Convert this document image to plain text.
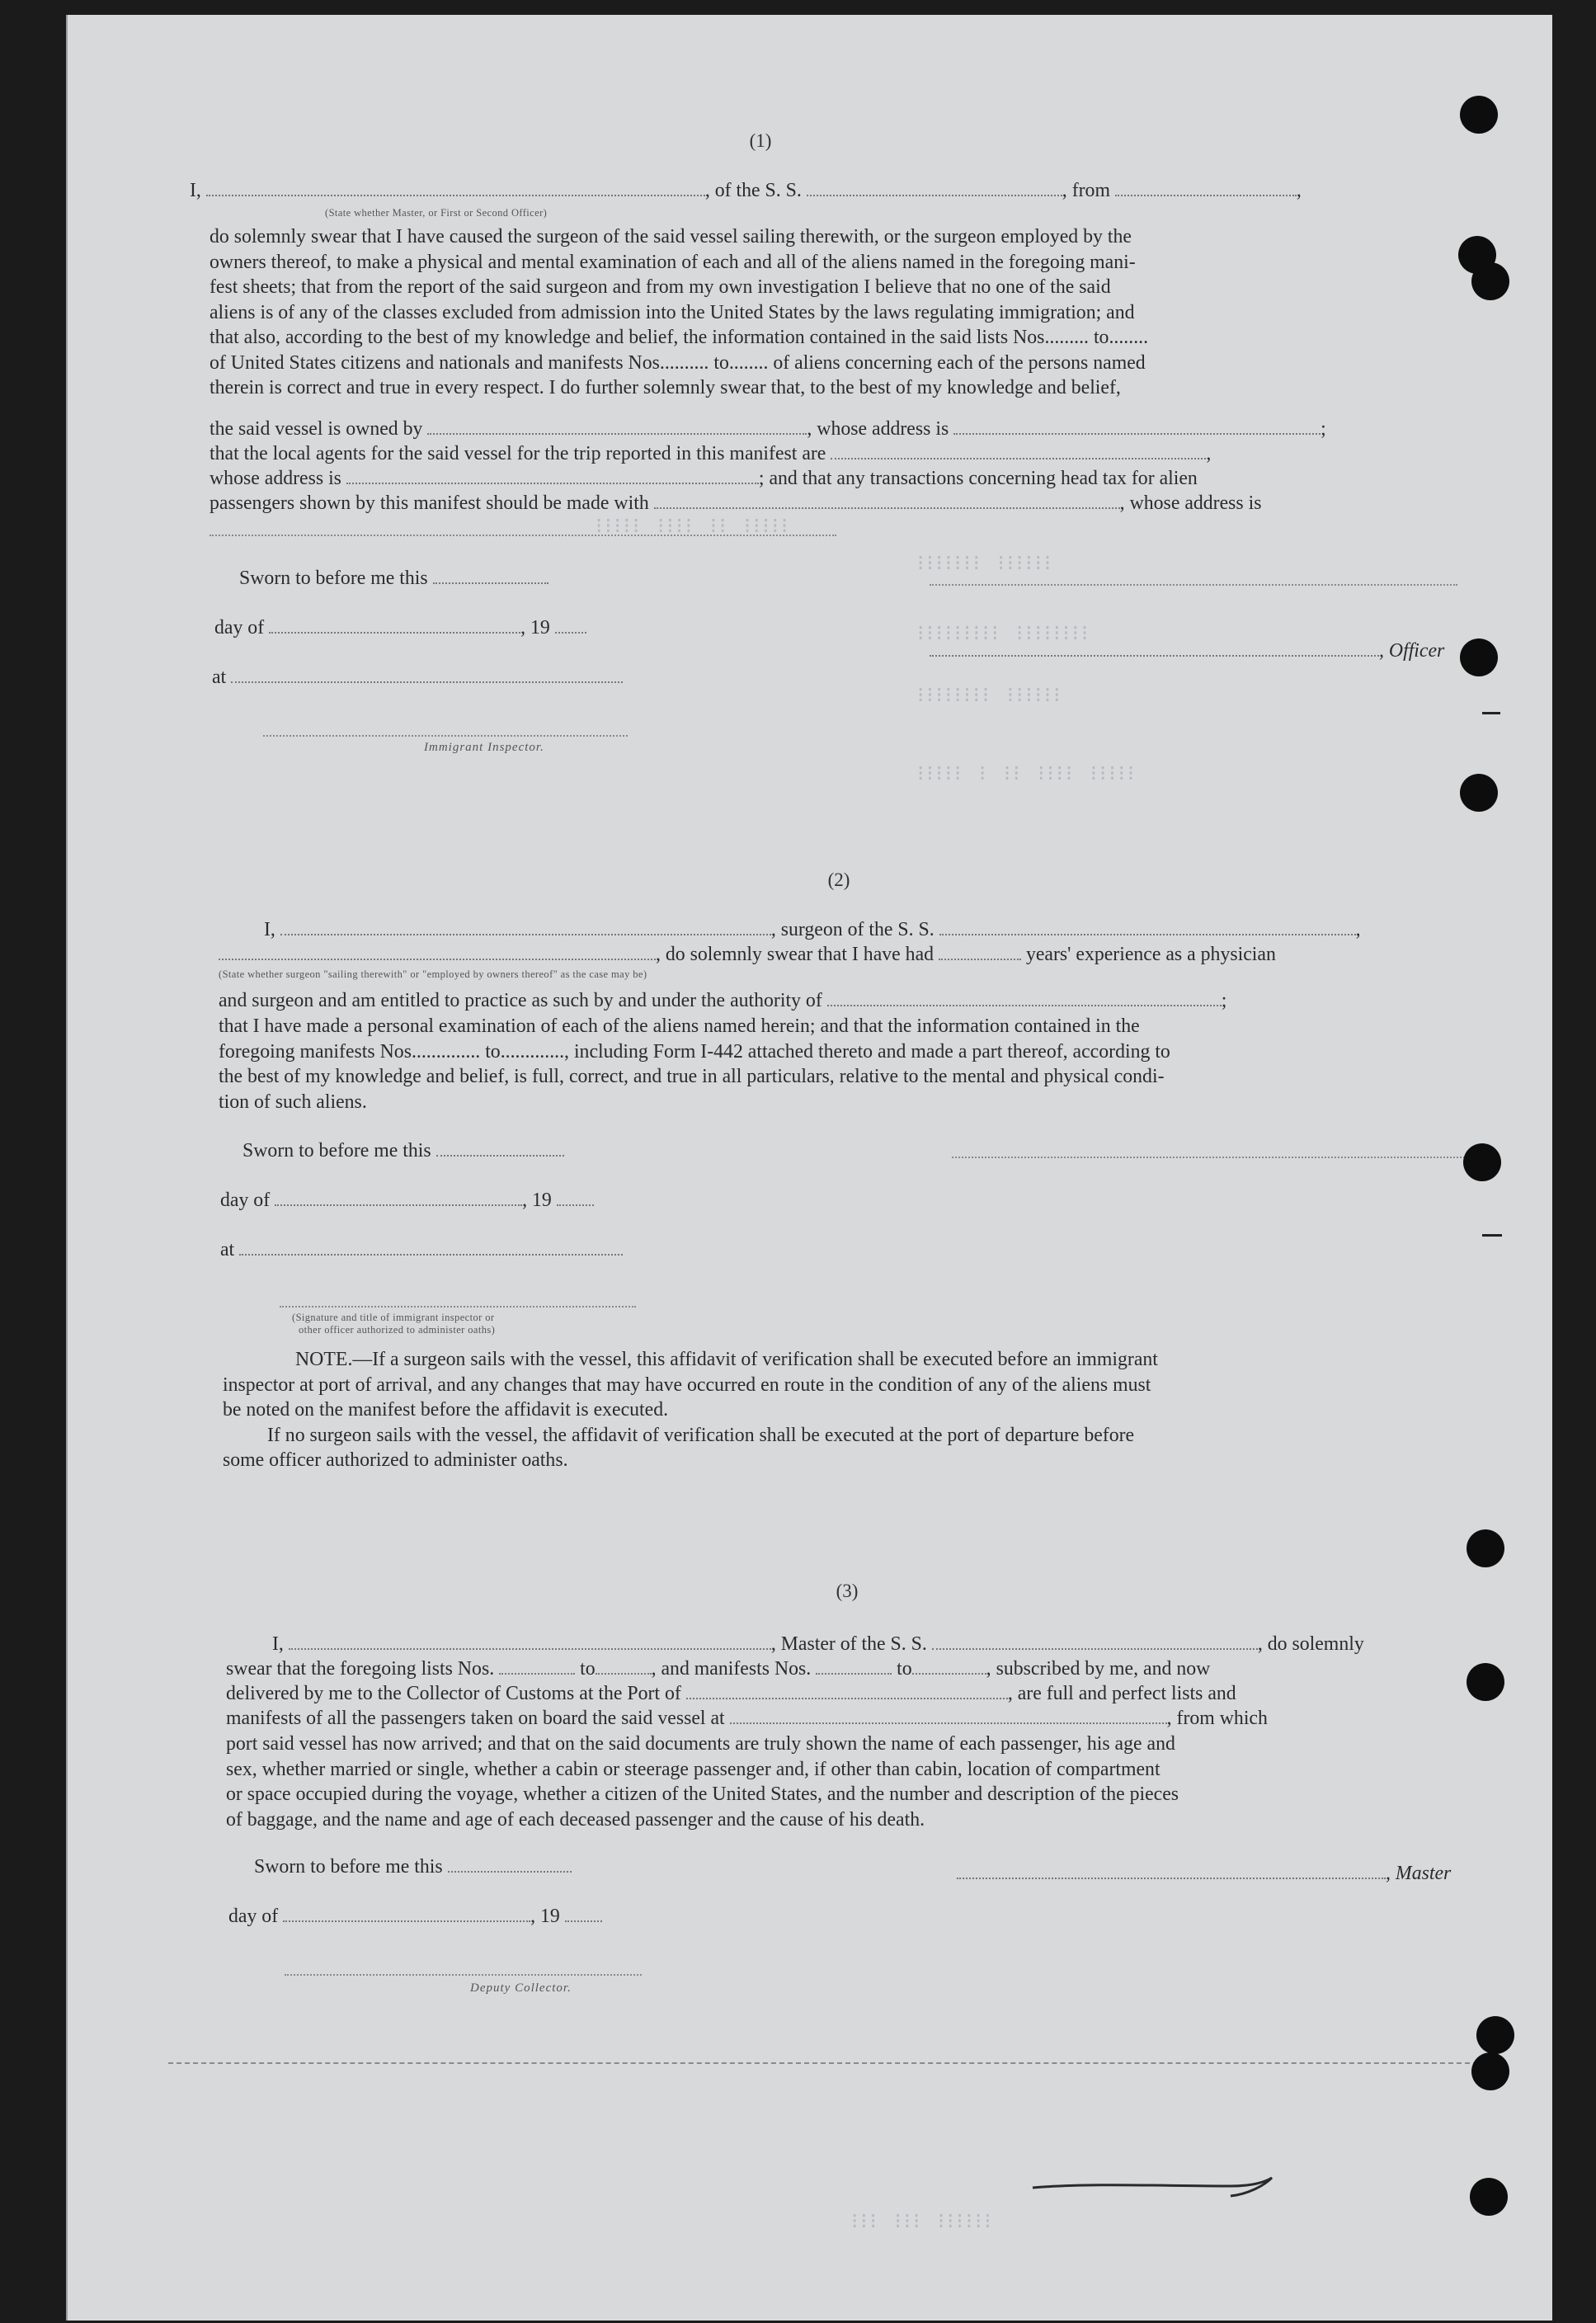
⁝⁝⁝⁝⁝ ⁝⁝⁝⁝ ⁝⁝ ⁝⁝⁝⁝⁝
⁝⁝⁝⁝⁝⁝⁝ ⁝⁝⁝⁝⁝⁝
⁝⁝⁝⁝⁝⁝⁝⁝⁝ ⁝⁝⁝⁝⁝⁝⁝⁝
⁝⁝⁝⁝⁝⁝⁝⁝ ⁝⁝⁝⁝⁝⁝
⁝⁝⁝⁝⁝ ⁝ ⁝⁝ ⁝⁝⁝⁝ ⁝⁝⁝⁝⁝
⁝⁝⁝ ⁝⁝⁝ ⁝⁝⁝⁝⁝⁝
(1)
I,	, of the S. S.	, from	,
(State whether Master, or First or Second Officer)
do solemnly swear that I have caused the surgeon of the said vessel sailing therewith, or the surgeon employed by the
owners thereof, to make a physical and mental examination of each and all of the aliens named in the foregoing mani-
fest sheets; that from the report of the said surgeon and from my own investigation I believe that no one of the said
aliens is of any of the classes excluded from admission into the United States by the laws regulating immigration; and
that also, according to the best of my knowledge and belief, the information contained in the said lists Nos......... to........
of United States citizens and nationals and manifests Nos.......... to........ of aliens concerning each of the persons named
therein is correct and true in every respect. I do further solemnly swear that, to the best of my knowledge and belief,
the said vessel is owned by	, whose address is	;
that the local agents for the said vessel for the trip reported in this manifest are	,
whose address is	; and that any transactions concerning head tax for alien
passengers shown by this manifest should be made with	, whose address is
Sworn to before me this
day of	, 19
, Officer
at
Immigrant Inspector.
(2)
I,	, surgeon of the S. S.	,
, do solemnly swear that I have had	years' experience as a physician
(State whether surgeon "sailing therewith" or "employed by owners thereof" as the case may be)
and surgeon and am entitled to practice as such by and under the authority of	;
that I have made a personal examination of each of the aliens named herein; and that the information contained in the
foregoing manifests Nos.............. to............., including Form I-442 attached thereto and made a part thereof, according to
the best of my knowledge and belief, is full, correct, and true in all particulars, relative to the mental and physical condi-
tion of such aliens.
Sworn to before me this
day of	, 19
at
(Signature and title of immigrant inspector or
other officer authorized to administer oaths)
NOTE.—If a surgeon sails with the vessel, this affidavit of verification shall be executed before an immigrant
inspector at port of arrival, and any changes that may have occurred en route in the condition of any of the aliens must
be noted on the manifest before the affidavit is executed.
If no surgeon sails with the vessel, the affidavit of verification shall be executed at the port of departure before
some officer authorized to administer oaths.
(3)
I,	, Master of the S. S.	, do solemnly
swear that the foregoing lists Nos.	to	, and manifests Nos.	to	, subscribed by me, and now
delivered by me to the Collector of Customs at the Port of	, are full and perfect lists and
manifests of all the passengers taken on board the said vessel at	, from which
port said vessel has now arrived; and that on the said documents are truly shown the name of each passenger, his age and
sex, whether married or single, whether a cabin or steerage passenger and, if other than cabin, location of compartment
or space occupied during the voyage, whether a citizen of the United States, and the number and description of the pieces
of baggage, and the name and age of each deceased passenger and the cause of his death.
Sworn to before me this	, Master
day of	, 19
Deputy Collector.
